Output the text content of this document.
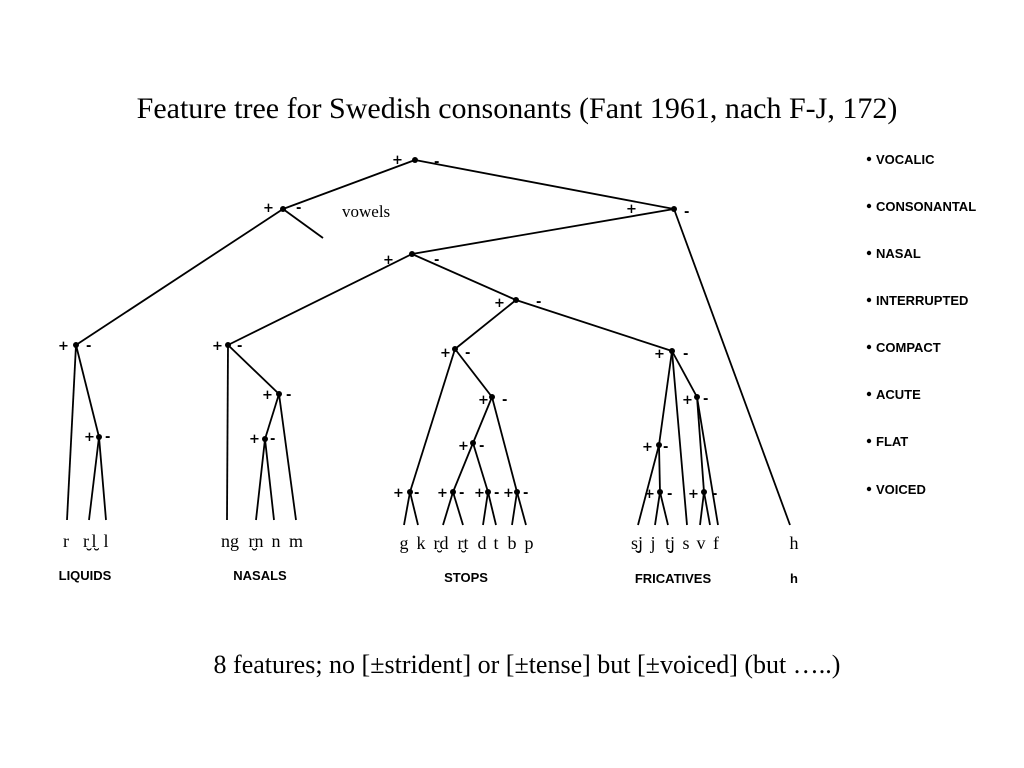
Feature tree for Swedish consonants (Fant 1961, nach F-J, 172)
+ -
+ -	+	-
+	-
+ -
+ -	+ -	+ -	+ -
+ -	+ -	+ -
+ -	+ -	+ -	+ -
+ - + - + - + -	+ - + -
vowels
r r̮ l̮ l	ng r̮n n m	g k r̮d r̮t d t b p	s̮j j t̮j s v f	h
LIQUIDS	NASALS	STOPS	FRICATIVES	h
VOCALIC
CONSONANTAL
NASAL
INTERRUPTED
COMPACT
ACUTE
FLAT
VOICED
8 features; no [±strident] or [±tense] but [±voiced] (but …..)
